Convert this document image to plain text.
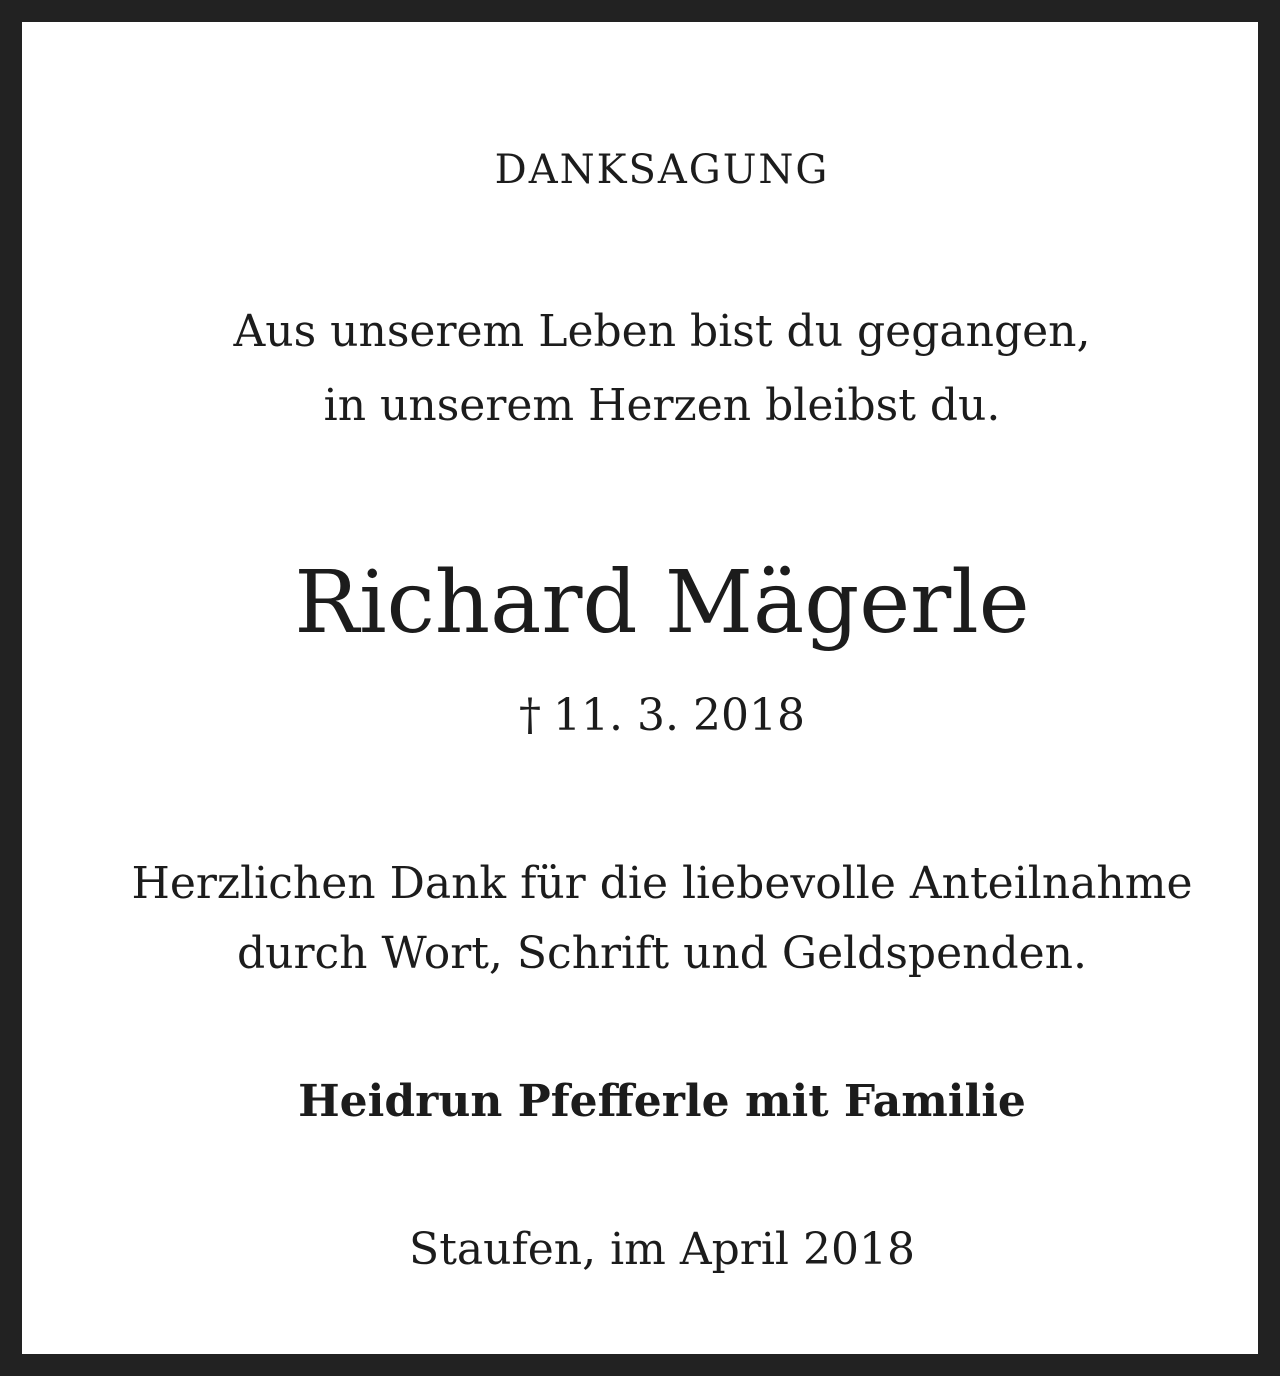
DANKSAGUNG
Aus unserem Leben bist du gegangen,
in unserem Herzen bleibst du.
Richard Mägerle
† 11. 3. 2018
Herzlichen Dank für die liebevolle Anteilnahme
durch Wort, Schrift und Geldspenden.
Heidrun Pfefferle mit Familie
Staufen, im April 2018
